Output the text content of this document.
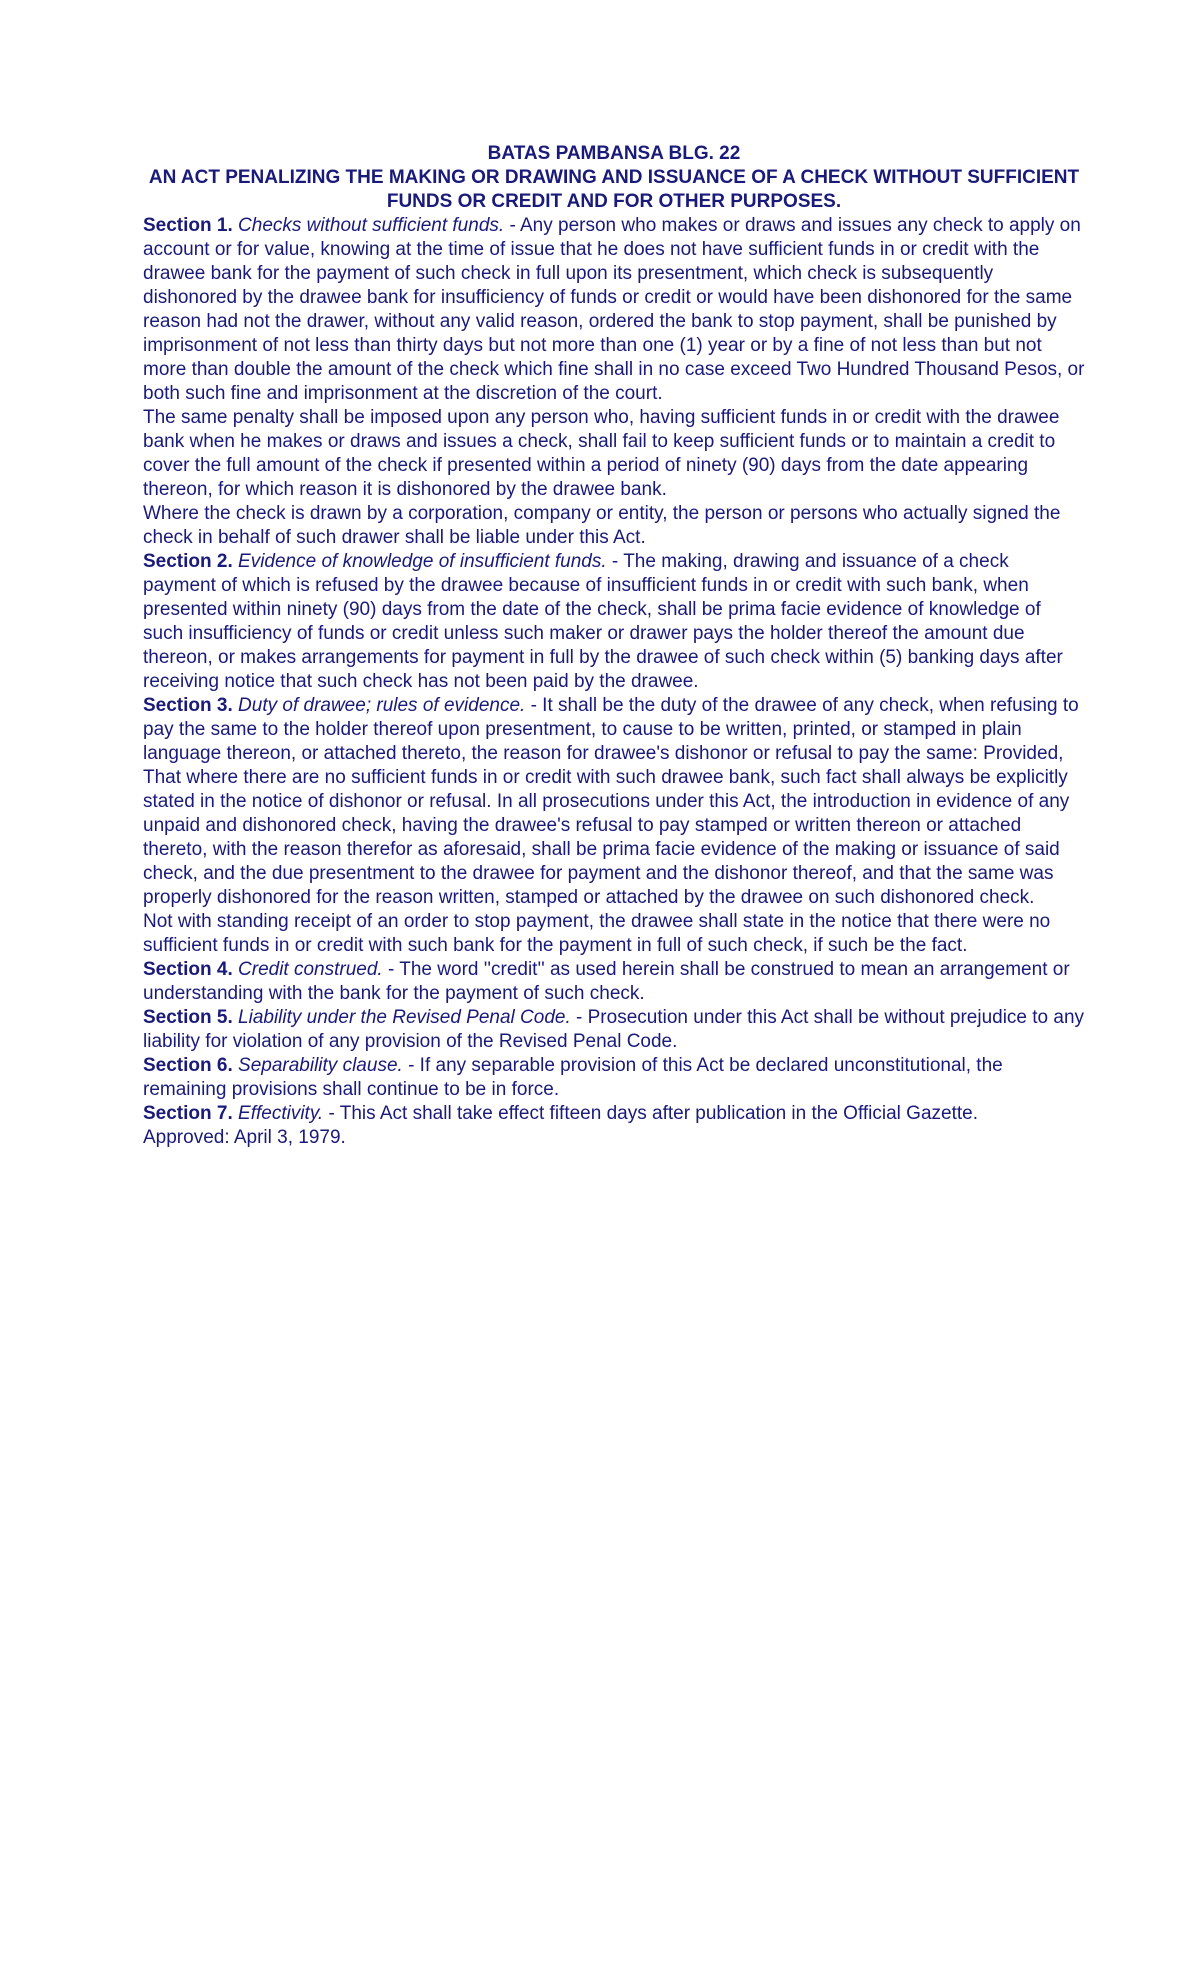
BATAS PAMBANSA BLG. 22

AN ACT PENALIZING THE MAKING OR DRAWING AND ISSUANCE OF A CHECK WITHOUT SUFFICIENT FUNDS OR CREDIT AND FOR OTHER PURPOSES.

Section 1. Checks without sufficient funds. - Any person who makes or draws and issues any check to apply on account or for value, knowing at the time of issue that he does not have sufficient funds in or credit with the drawee bank for the payment of such check in full upon its presentment, which check is subsequently dishonored by the drawee bank for insufficiency of funds or credit or would have been dishonored for the same reason had not the drawer, without any valid reason, ordered the bank to stop payment, shall be punished by imprisonment of not less than thirty days but not more than one (1) year or by a fine of not less than but not more than double the amount of the check which fine shall in no case exceed Two Hundred Thousand Pesos, or both such fine and imprisonment at the discretion of the court.

The same penalty shall be imposed upon any person who, having sufficient funds in or credit with the drawee bank when he makes or draws and issues a check, shall fail to keep sufficient funds or to maintain a credit to cover the full amount of the check if presented within a period of ninety (90) days from the date appearing thereon, for which reason it is dishonored by the drawee bank.

Where the check is drawn by a corporation, company or entity, the person or persons who actually signed the check in behalf of such drawer shall be liable under this Act.

Section 2. Evidence of knowledge of insufficient funds. - The making, drawing and issuance of a check payment of which is refused by the drawee because of insufficient funds in or credit with such bank, when presented within ninety (90) days from the date of the check, shall be prima facie evidence of knowledge of such insufficiency of funds or credit unless such maker or drawer pays the holder thereof the amount due thereon, or makes arrangements for payment in full by the drawee of such check within (5) banking days after receiving notice that such check has not been paid by the drawee.

Section 3. Duty of drawee; rules of evidence. - It shall be the duty of the drawee of any check, when refusing to pay the same to the holder thereof upon presentment, to cause to be written, printed, or stamped in plain language thereon, or attached thereto, the reason for drawee's dishonor or refusal to pay the same: Provided, That where there are no sufficient funds in or credit with such drawee bank, such fact shall always be explicitly stated in the notice of dishonor or refusal. In all prosecutions under this Act, the introduction in evidence of any unpaid and dishonored check, having the drawee's refusal to pay stamped or written thereon or attached thereto, with the reason therefor as aforesaid, shall be prima facie evidence of the making or issuance of said check, and the due presentment to the drawee for payment and the dishonor thereof, and that the same was properly dishonored for the reason written, stamped or attached by the drawee on such dishonored check.

Not with standing receipt of an order to stop payment, the drawee shall state in the notice that there were no sufficient funds in or credit with such bank for the payment in full of such check, if such be the fact.

Section 4. Credit construed. - The word ''credit'' as used herein shall be construed to mean an arrangement or understanding with the bank for the payment of such check.

Section 5. Liability under the Revised Penal Code. - Prosecution under this Act shall be without prejudice to any liability for violation of any provision of the Revised Penal Code.

Section 6. Separability clause. - If any separable provision of this Act be declared unconstitutional, the remaining provisions shall continue to be in force.

Section 7. Effectivity. - This Act shall take effect fifteen days after publication in the Official Gazette.

Approved: April 3, 1979.
